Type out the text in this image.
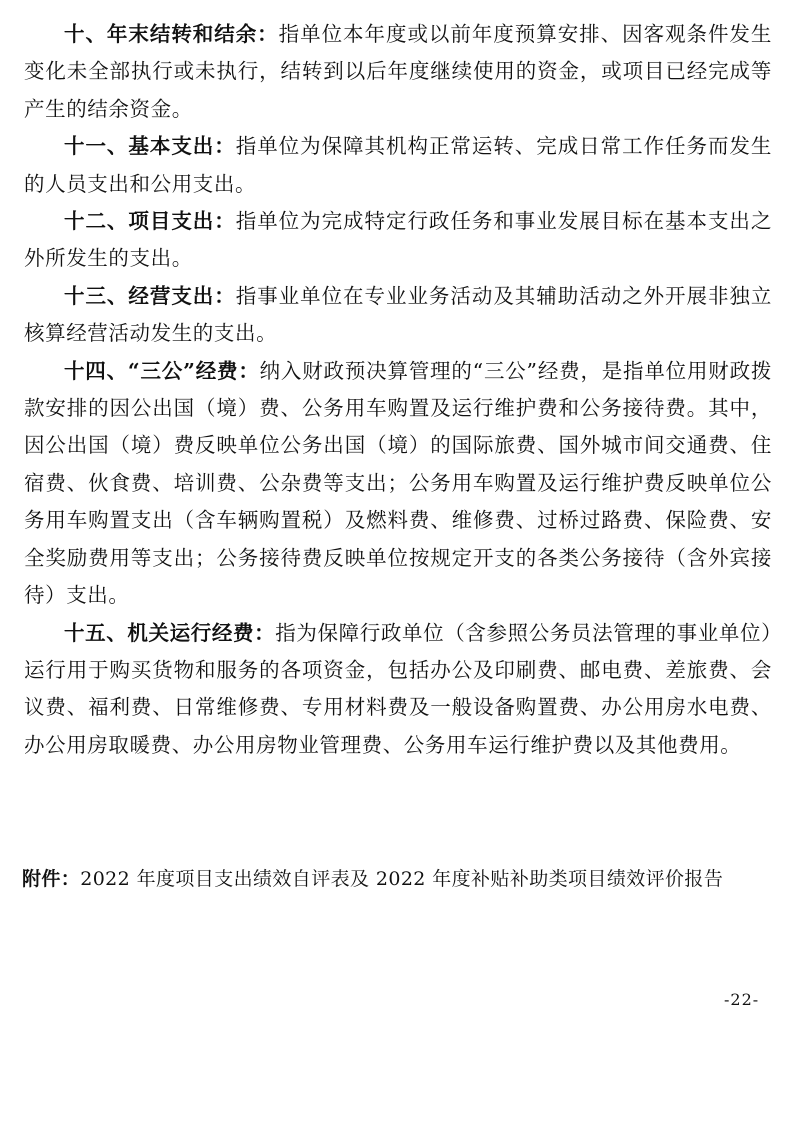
十、年末结转和结余：指单位本年度或以前年度预算安排、因客观条件发生变化未全部执行或未执行，结转到以后年度继续使用的资金，或项目已经完成等产生的结余资金。

十一、基本支出：指单位为保障其机构正常运转、完成日常工作任务而发生的人员支出和公用支出。

十二、项目支出：指单位为完成特定行政任务和事业发展目标在基本支出之外所发生的支出。

十三、经营支出：指事业单位在专业业务活动及其辅助活动之外开展非独立核算经营活动发生的支出。

十四、“三公”经费：纳入财政预决算管理的“三公”经费，是指单位用财政拨款安排的因公出国（境）费、公务用车购置及运行维护费和公务接待费。其中，因公出国（境）费反映单位公务出国（境）的国际旅费、国外城市间交通费、住宿费、伙食费、培训费、公杂费等支出；公务用车购置及运行维护费反映单位公务用车购置支出（含车辆购置税）及燃料费、维修费、过桥过路费、保险费、安全奖励费用等支出；公务接待费反映单位按规定开支的各类公务接待（含外宾接待）支出。

十五、机关运行经费：指为保障行政单位（含参照公务员法管理的事业单位）运行用于购买货物和服务的各项资金，包括办公及印刷费、邮电费、差旅费、会议费、福利费、日常维修费、专用材料费及一般设备购置费、办公用房水电费、办公用房取暖费、办公用房物业管理费、公务用车运行维护费以及其他费用。

附件：2022 年度项目支出绩效自评表及 2022 年度补贴补助类项目绩效评价报告
-22-
